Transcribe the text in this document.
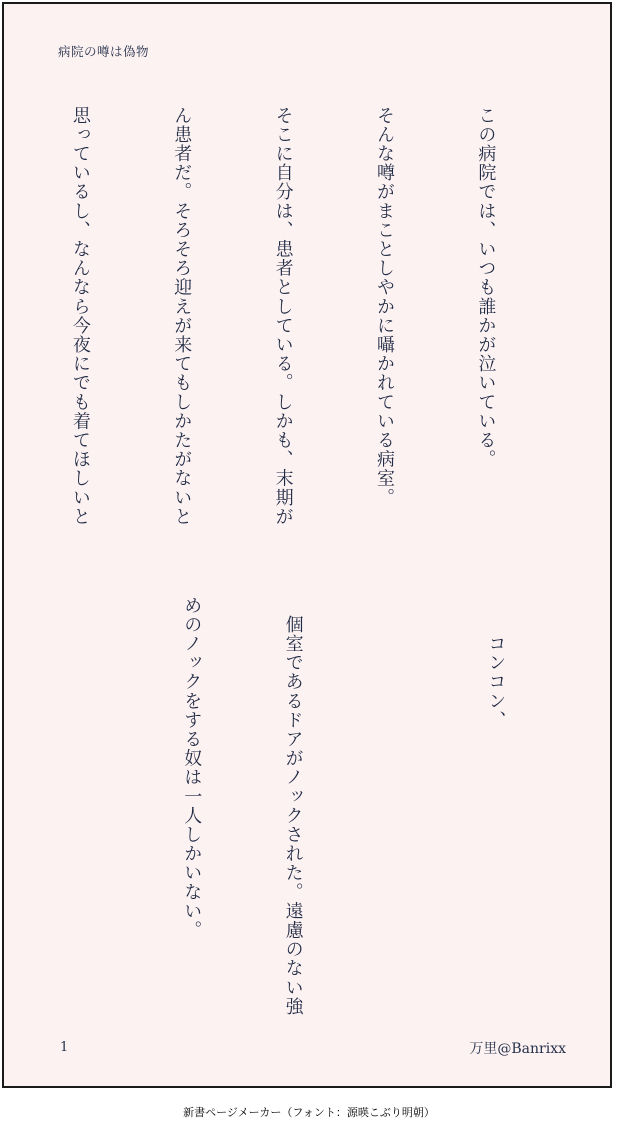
病院の噂は偽物

この病院では、いつも誰かが泣いている。

そんな噂がまことしやかに囁かれている病室。

そこに自分は、患者としている。しかも、末期が

ん患者だ。そろそろ迎えが来てもしかたがないと

思っているし、なんなら今夜にでも着てほしいと

　　コンコン、

　個室であるドアがノックされた。遠慮のない強

めのノックをする奴は一人しかいない。

1	万里@Banrixx
新書ページメーカー（フォント：源暎こぶり明朝）
